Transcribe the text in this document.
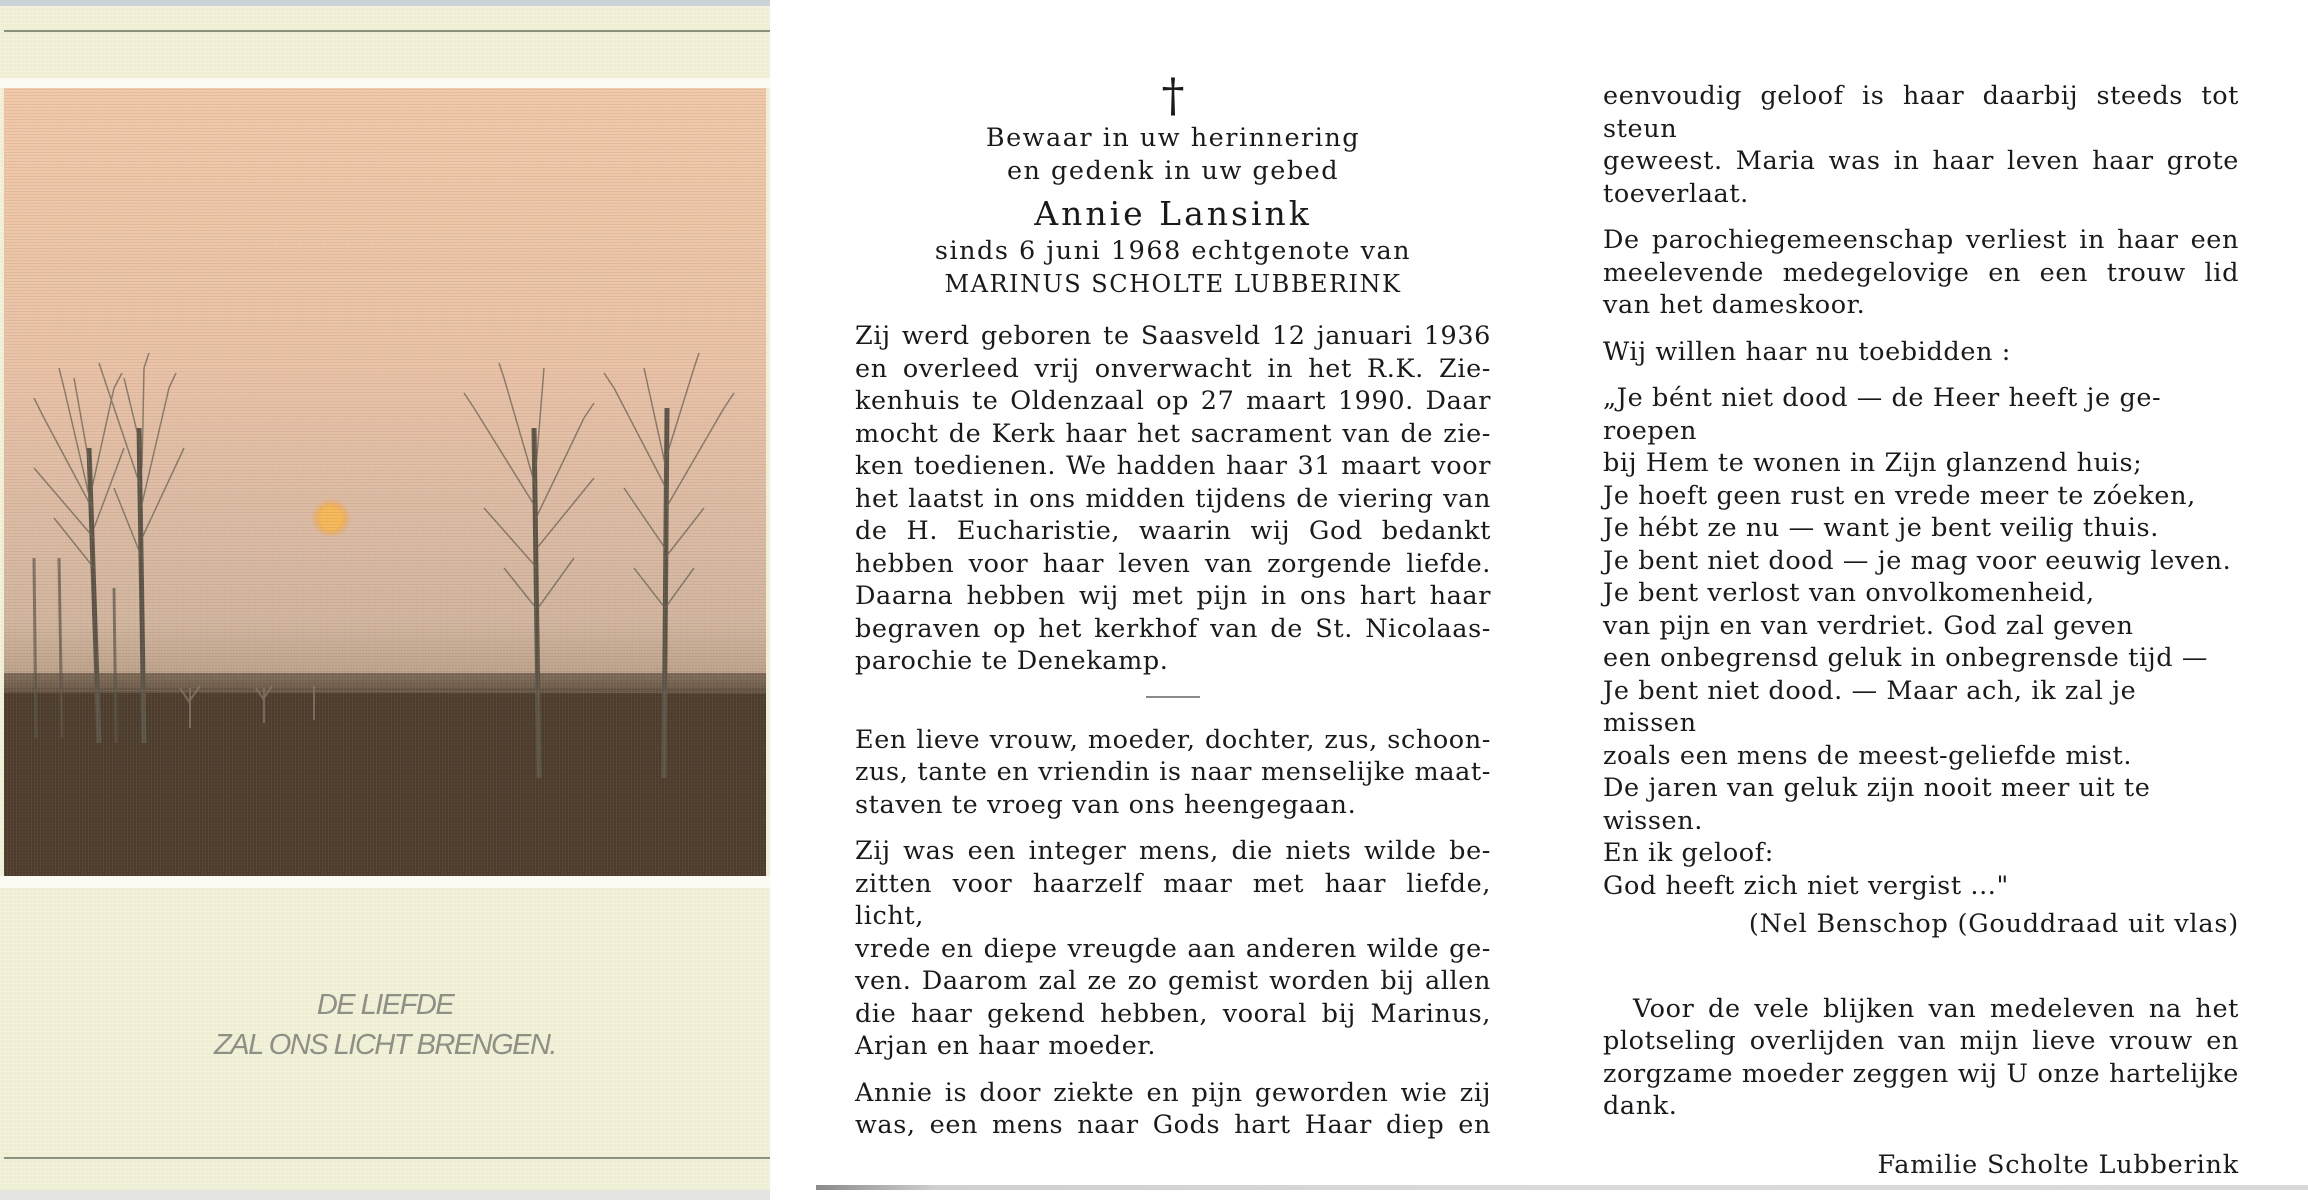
DE LIEFDE
ZAL ONS LICHT BRENGEN.
†
Bewaar in uw herinnering
en gedenk in uw gebed
Annie Lansink
sinds 6 juni 1968 echtgenote van
MARINUS SCHOLTE LUBBERINK
Zij werd geboren te Saasveld 12 januari 1936
en overleed vrij onverwacht in het R.K. Zie-
kenhuis te Oldenzaal op 27 maart 1990. Daar
mocht de Kerk haar het sacrament van de zie-
ken toedienen. We hadden haar 31 maart voor
het laatst in ons midden tijdens de viering van
de H. Eucharistie, waarin wij God bedankt
hebben voor haar leven van zorgende liefde.
Daarna hebben wij met pijn in ons hart haar
begraven op het kerkhof van de St. Nicolaas-
parochie te Denekamp.
Een lieve vrouw, moeder, dochter, zus, schoon-
zus, tante en vriendin is naar menselijke maat-
staven te vroeg van ons heengegaan.
Zij was een integer mens, die niets wilde be-
zitten voor haarzelf maar met haar liefde, licht,
vrede en diepe vreugde aan anderen wilde ge-
ven. Daarom zal ze zo gemist worden bij allen
die haar gekend hebben, vooral bij Marinus,
Arjan en haar moeder.
Annie is door ziekte en pijn geworden wie zij
was, een mens naar Gods hart Haar diep en
eenvoudig geloof is haar daarbij steeds tot steun
geweest. Maria was in haar leven haar grote
toeverlaat.
De parochiegemeenschap verliest in haar een
meelevende medegelovige en een trouw lid
van het dameskoor.
Wij willen haar nu toebidden :
„Je bént niet dood — de Heer heeft je ge-
roepen
bij Hem te wonen in Zijn glanzend huis;
Je hoeft geen rust en vrede meer te zóeken,
Je hébt ze nu — want je bent veilig thuis.
Je bent niet dood — je mag voor eeuwig leven.
Je bent verlost van onvolkomenheid,
van pijn en van verdriet. God zal geven
een onbegrensd geluk in onbegrensde tijd —
Je bent niet dood. — Maar ach, ik zal je
missen
zoals een mens de meest-geliefde mist.
De jaren van geluk zijn nooit meer uit te
wissen.
En ik geloof:
God heeft zich niet vergist ..."
(Nel Benschop (Gouddraad uit vlas)
Voor de vele blijken van medeleven na het
plotseling overlijden van mijn lieve vrouw en
zorgzame moeder zeggen wij U onze hartelijke
dank.
Familie Scholte Lubberink
